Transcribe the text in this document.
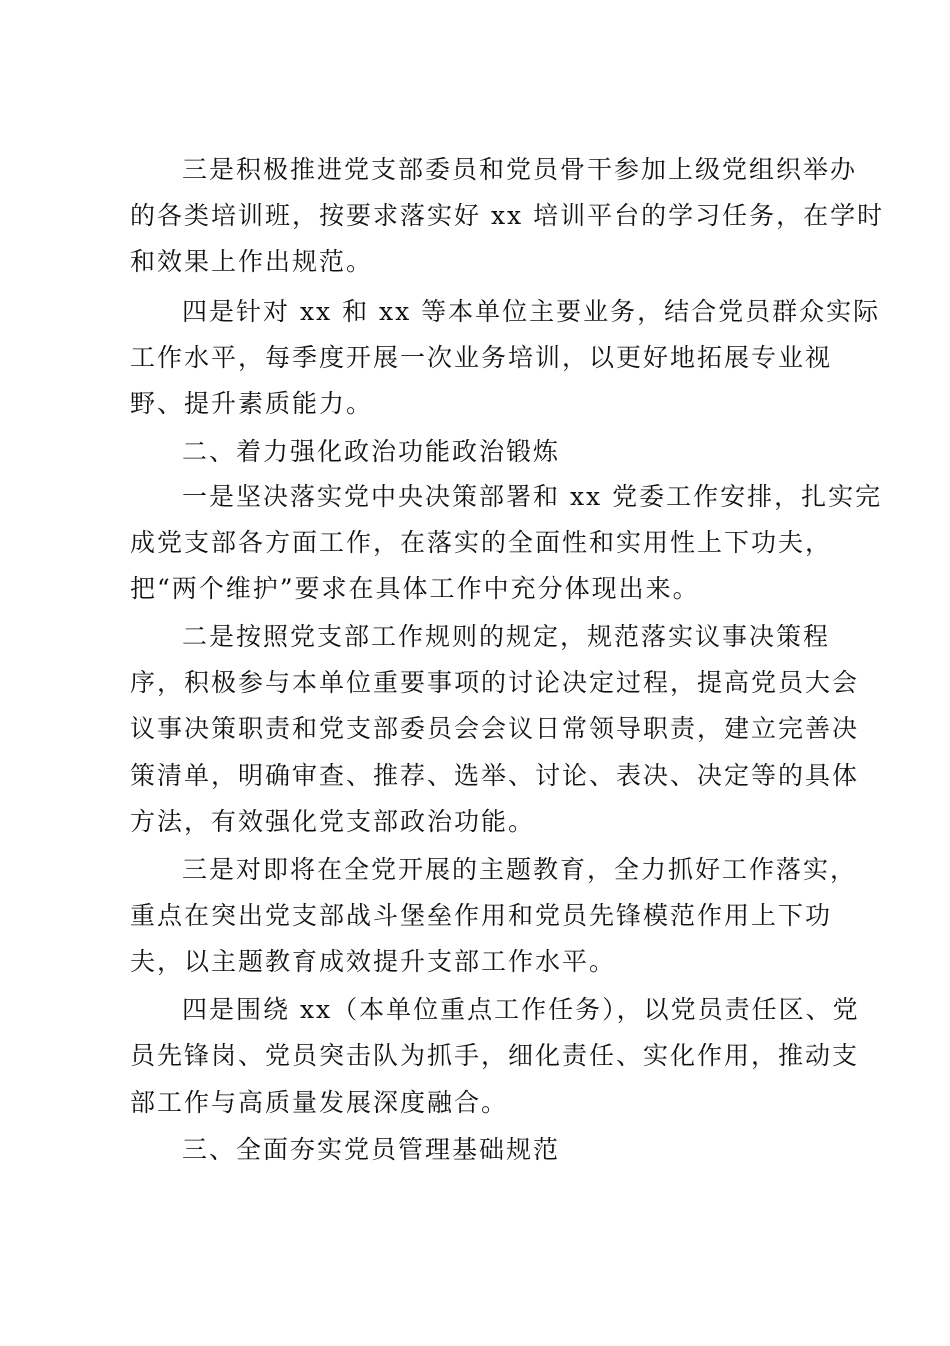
三是积极推进党支部委员和党员骨干参加上级党组织举办
的各类培训班，按要求落实好 xx 培训平台的学习任务，在学时
和效果上作出规范。
四是针对 xx 和 xx 等本单位主要业务，结合党员群众实际
工作水平，每季度开展一次业务培训，以更好地拓展专业视
野、提升素质能力。
二、着力强化政治功能政治锻炼
一是坚决落实党中央决策部署和 xx 党委工作安排，扎实完
成党支部各方面工作，在落实的全面性和实用性上下功夫，
把“两个维护”要求在具体工作中充分体现出来。
二是按照党支部工作规则的规定，规范落实议事决策程
序，积极参与本单位重要事项的讨论决定过程，提高党员大会
议事决策职责和党支部委员会会议日常领导职责，建立完善决
策清单，明确审查、推荐、选举、讨论、表决、决定等的具体
方法，有效强化党支部政治功能。
三是对即将在全党开展的主题教育，全力抓好工作落实，
重点在突出党支部战斗堡垒作用和党员先锋模范作用上下功
夫，以主题教育成效提升支部工作水平。
四是围绕 xx（本单位重点工作任务），以党员责任区、党
员先锋岗、党员突击队为抓手，细化责任、实化作用，推动支
部工作与高质量发展深度融合。
三、全面夯实党员管理基础规范
